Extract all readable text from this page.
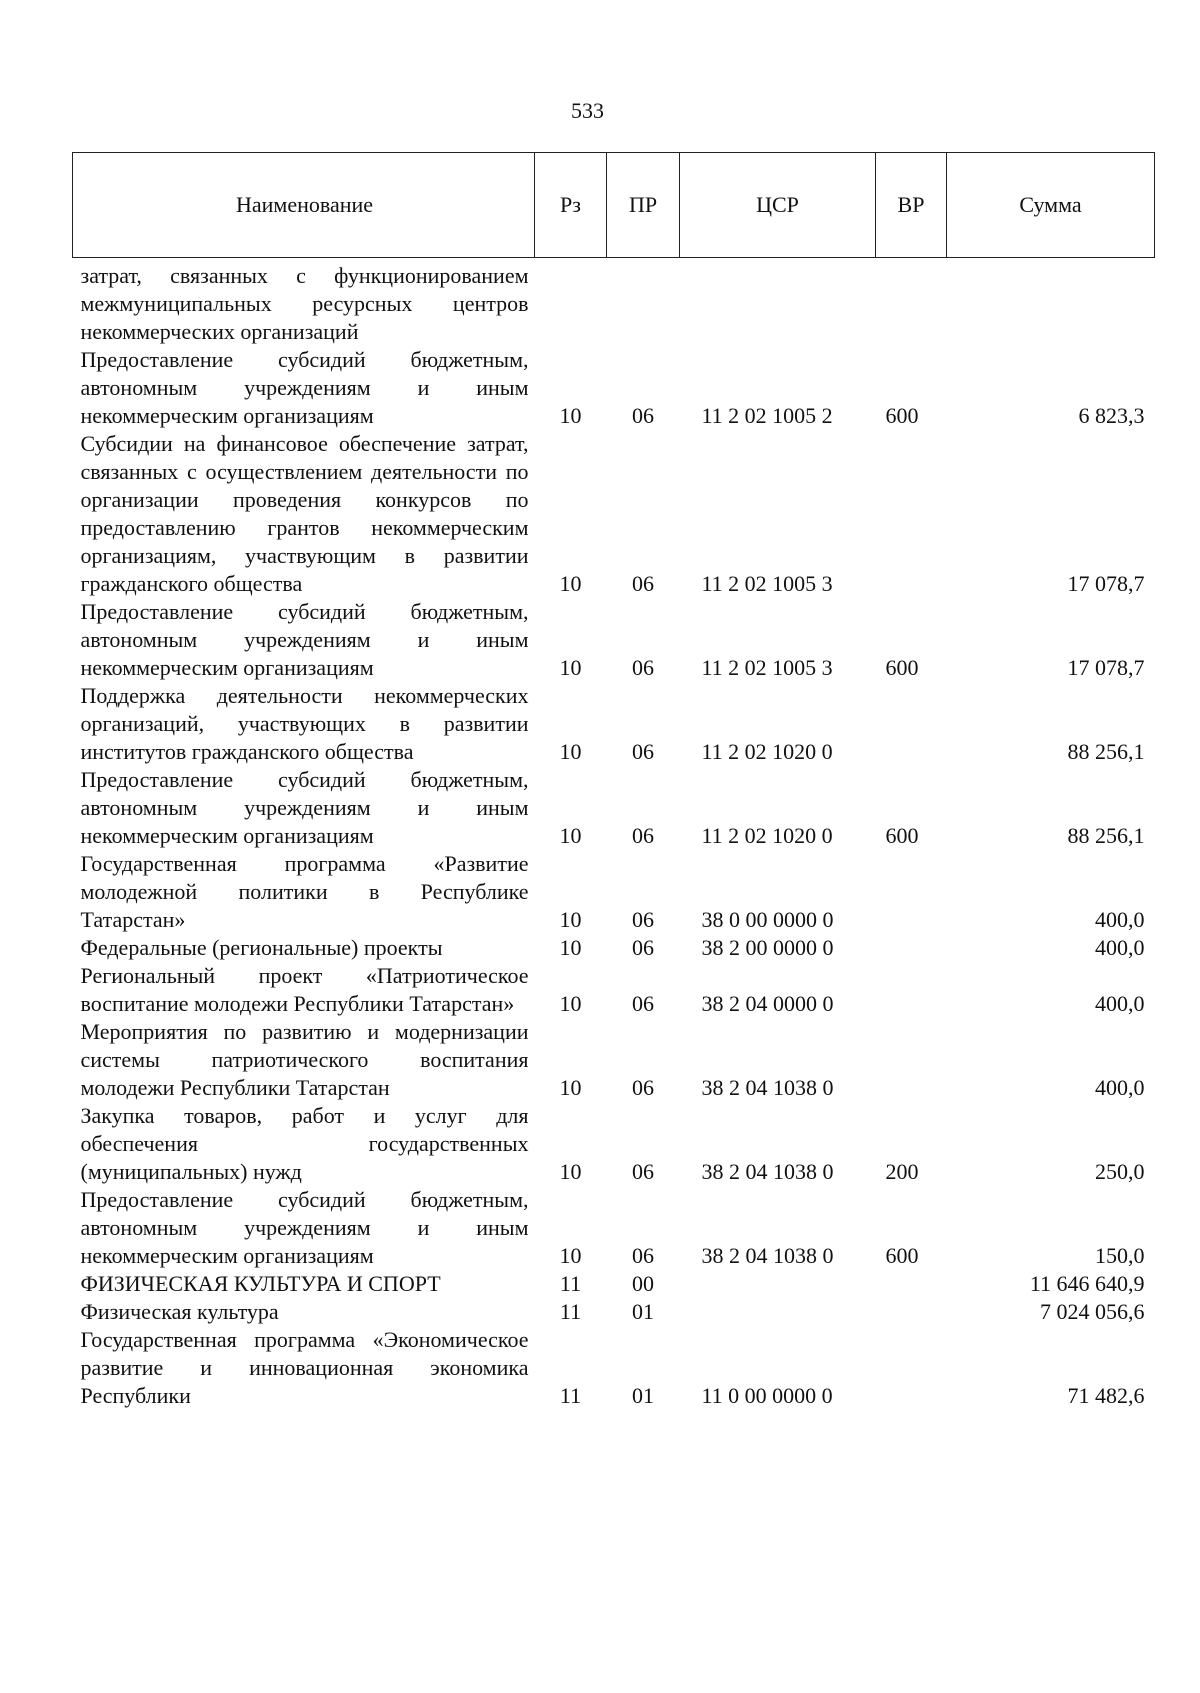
533
Наименование	Рз	ПР	ЦСР	ВР	Сумма
затрат, связанных с функционированием межмуниципальных ресурсных центров некоммерческих организаций					
Предоставление субсидий бюджетным, автономным учреждениям и иным некоммерческим организациям	10	06	11 2 02 1005 2	600	6 823,3
Субсидии на финансовое обеспечение затрат, связанных с осуществлением деятельности по организации проведения конкурсов по предоставлению грантов некоммерческим организациям, участвующим в развитии гражданского общества	10	06	11 2 02 1005 3		17 078,7
Предоставление субсидий бюджетным, автономным учреждениям и иным некоммерческим организациям	10	06	11 2 02 1005 3	600	17 078,7
Поддержка деятельности некоммерческих организаций, участвующих в развитии институтов гражданского общества	10	06	11 2 02 1020 0		88 256,1
Предоставление субсидий бюджетным, автономным учреждениям и иным некоммерческим организациям	10	06	11 2 02 1020 0	600	88 256,1
Государственная программа «Развитие молодежной политики в Республике Татарстан»	10	06	38 0 00 0000 0		400,0
Федеральные (региональные) проекты	10	06	38 2 00 0000 0		400,0
Региональный проект «Патриотическое воспитание молодежи Республики Татарстан»	10	06	38 2 04 0000 0		400,0
Мероприятия по развитию и модернизации системы патриотического воспитания молодежи Республики Татарстан	10	06	38 2 04 1038 0		400,0
Закупка товаров, работ и услуг для обеспечения государственных (муниципальных) нужд	10	06	38 2 04 1038 0	200	250,0
Предоставление субсидий бюджетным, автономным учреждениям и иным некоммерческим организациям	10	06	38 2 04 1038 0	600	150,0
ФИЗИЧЕСКАЯ КУЛЬТУРА И СПОРТ	11	00			11 646 640,9
Физическая культура	11	01			7 024 056,6
Государственная программа «Экономическое развитие и инновационная экономика Республики	11	01	11 0 00 0000 0		71 482,6
